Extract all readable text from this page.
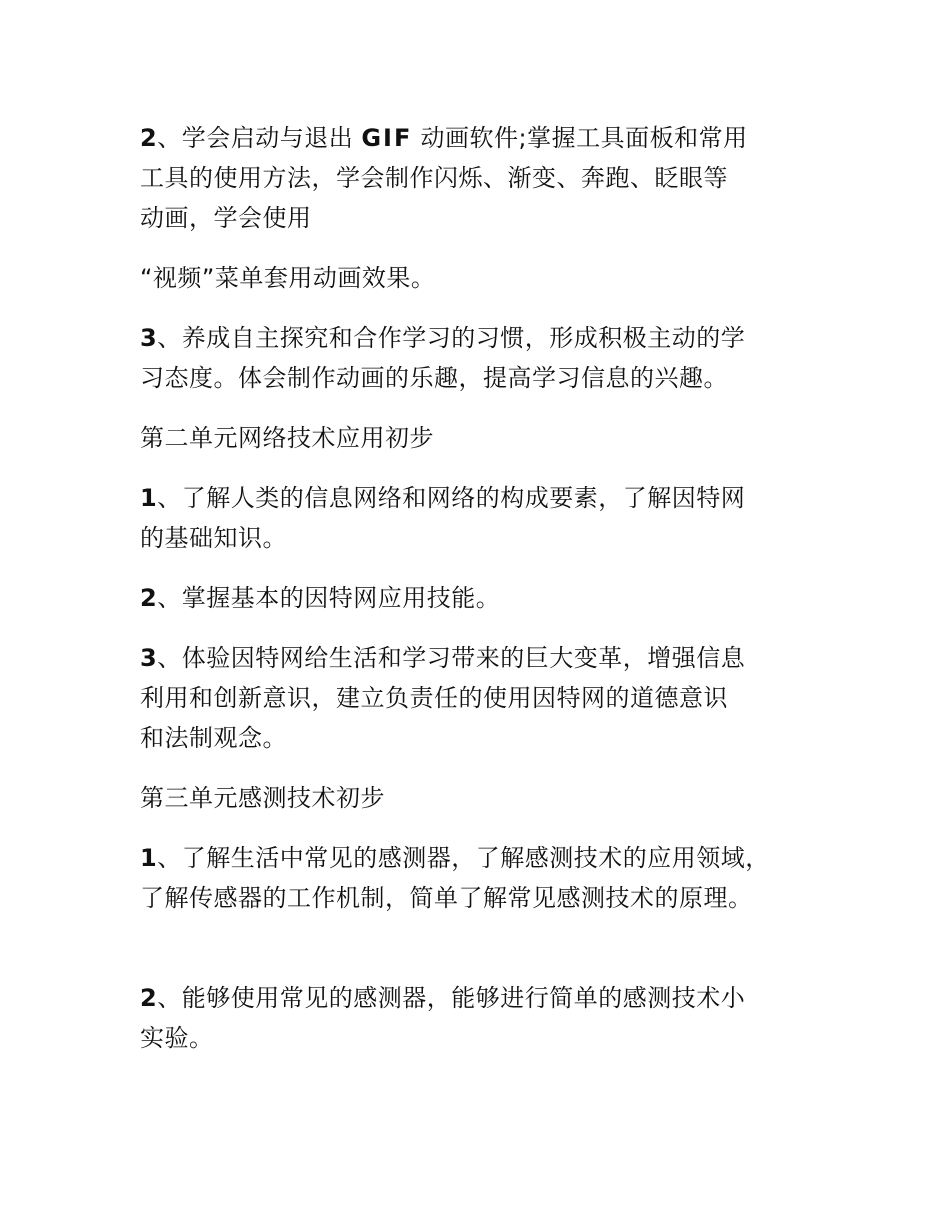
2、学会启动与退出 GIF 动画软件;掌握工具面板和常用
工具的使用方法，学会制作闪烁、渐变、奔跑、眨眼等
动画，学会使用
“视频”菜单套用动画效果。
3、养成自主探究和合作学习的习惯，形成积极主动的学
习态度。体会制作动画的乐趣，提高学习信息的兴趣。
第二单元网络技术应用初步
1、了解人类的信息网络和网络的构成要素，了解因特网
的基础知识。
2、掌握基本的因特网应用技能。
3、体验因特网给生活和学习带来的巨大变革，增强信息
利用和创新意识，建立负责任的使用因特网的道德意识
和法制观念。
第三单元感测技术初步
1、了解生活中常见的感测器，了解感测技术的应用领域，
了解传感器的工作机制，简单了解常见感测技术的原理。
2、能够使用常见的感测器，能够进行简单的感测技术小
实验。
